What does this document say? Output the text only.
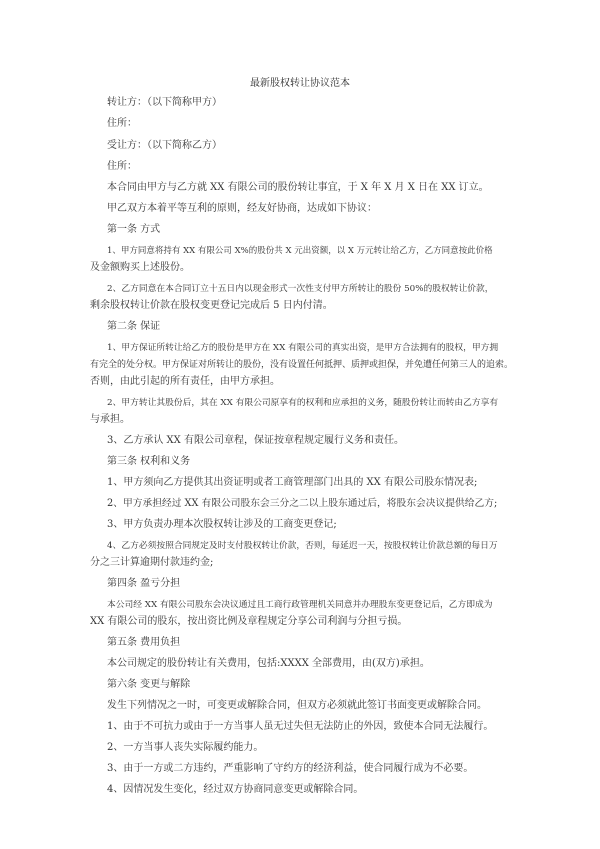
最新股权转让协议范本
转让方：（以下简称甲方）
住所：
受让方：（以下简称乙方）
住所：
本合同由甲方与乙方就 XX 有限公司的股份转让事宜，于 X 年 X 月 X 日在 XX 订立。
甲乙双方本着平等互利的原则，经友好协商，达成如下协议：
第一条 方式
1、甲方同意将持有 XX 有限公司 X%的股份共 X 元出资额，以 X 万元转让给乙方，乙方同意按此价格
及金额购买上述股份。
2、乙方同意在本合同订立十五日内以现金形式一次性支付甲方所转让的股份 50%的股权转让价款，
剩余股权转让价款在股权变更登记完成后 5 日内付清。
第二条 保证
1、甲方保证所转让给乙方的股份是甲方在 XX 有限公司的真实出资，是甲方合法拥有的股权，甲方拥
有完全的处分权。甲方保证对所转让的股份，没有设置任何抵押、质押或担保，并免遭任何第三人的追索。
否则，由此引起的所有责任，由甲方承担。
2、甲方转让其股份后，其在 XX 有限公司原享有的权利和应承担的义务，随股份转让而转由乙方享有
与承担。
3、乙方承认 XX 有限公司章程，保证按章程规定履行义务和责任。
第三条 权利和义务
1、甲方须向乙方提供其出资证明或者工商管理部门出具的 XX 有限公司股东情况表;
2、甲方承担经过 XX 有限公司股东会三分之二以上股东通过后，将股东会决议提供给乙方;
3、甲方负责办理本次股权转让涉及的工商变更登记;
4、乙方必须按照合同规定及时支付股权转让价款，否则，每延迟一天，按股权转让价款总额的每日万
分之三计算逾期付款违约金;
第四条 盈亏分担
本公司经 XX 有限公司股东会决议通过且工商行政管理机关同意并办理股东变更登记后，乙方即成为
XX 有限公司的股东，按出资比例及章程规定分享公司利润与分担亏损。
第五条 费用负担
本公司规定的股份转让有关费用，包括:XXXX 全部费用，由(双方)承担。
第六条 变更与解除
发生下列情况之一时，可变更或解除合同，但双方必须就此签订书面变更或解除合同。
1、由于不可抗力或由于一方当事人虽无过失但无法防止的外因，致使本合同无法履行。
2、一方当事人丧失实际履约能力。
3、由于一方或二方违约，严重影响了守约方的经济利益，使合同履行成为不必要。
4、因情况发生变化，经过双方协商同意变更或解除合同。
